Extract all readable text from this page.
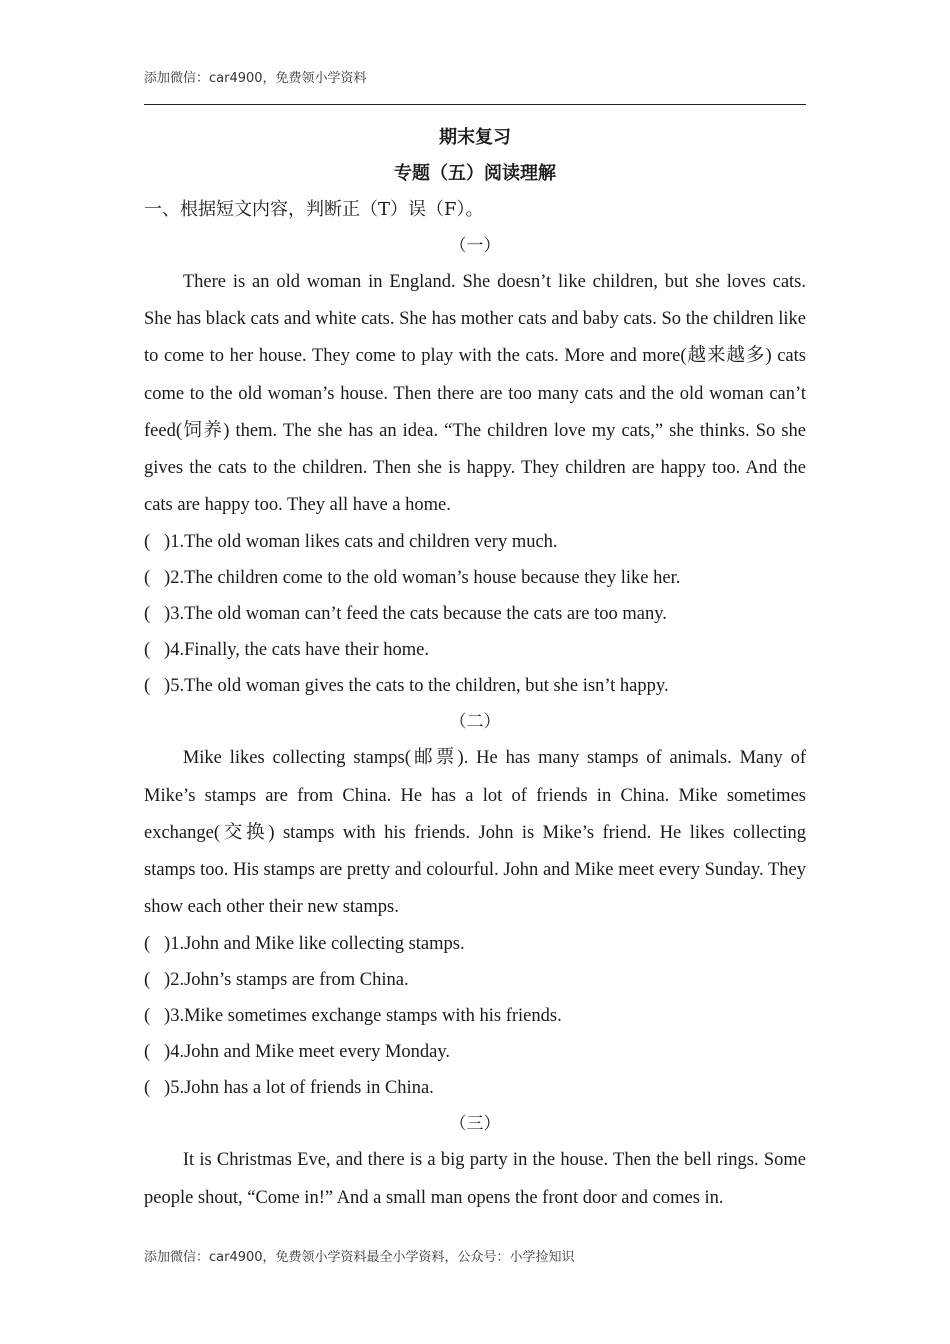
添加微信：car4900，免费领小学资料
期末复习
专题（五）阅读理解
一、根据短文内容，判断正（T）误（F）。
（一）

There is an old woman in England. She doesn’t like children, but she loves cats. She has black cats and white cats. She has mother cats and baby cats. So the children like to come to her house. They come to play with the cats. More and more(越来越多) cats come to the old woman’s house. Then there are too many cats and the old woman can’t feed(饲养) them. The she has an idea. “The children love my cats,” she thinks. So she gives the cats to the children. Then she is happy. They children are happy too. And the cats are happy too. They all have a home.

(   )1.The old woman likes cats and children very much.
(   )2.The children come to the old woman’s house because they like her.
(   )3.The old woman can’t feed the cats because the cats are too many.
(   )4.Finally, the cats have their home.
(   )5.The old woman gives the cats to the children, but she isn’t happy.
（二）

Mike likes collecting stamps(邮票). He has many stamps of animals. Many of Mike’s stamps are from China. He has a lot of friends in China. Mike sometimes exchange(交换) stamps with his friends. John is Mike’s friend. He likes collecting stamps too. His stamps are pretty and colourful. John and Mike meet every Sunday. They show each other their new stamps.

(   )1.John and Mike like collecting stamps.
(   )2.John’s stamps are from China.
(   )3.Mike sometimes exchange stamps with his friends.
(   )4.John and Mike meet every Monday.
(   )5.John has a lot of friends in China.
（三）

It is Christmas Eve, and there is a big party in the house. Then the bell rings. Some people shout, “Come in!” And a small man opens the front door and comes in.

添加微信：car4900，免费领小学资料最全小学资料，公众号：小学捡知识
